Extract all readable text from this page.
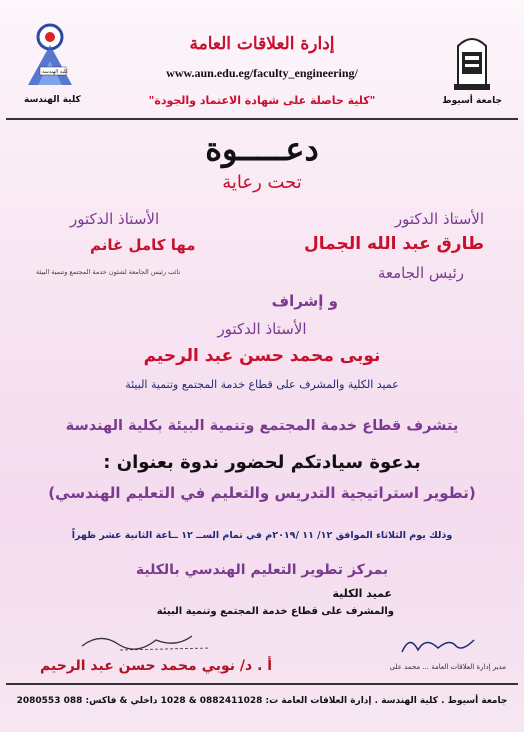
كلية الهندسة
كلية الهندسة	جامعة أسيوط
إدارة العلاقات العامة
www.aun.edu.eg/faculty_engineering/
"كلية حاصلة على شهادة الاعتماد والجودة"
دعـــــوة
تحت رعاية
الأستاذ الدكتور
طارق عبد الله الجمال
رئيس الجامعة
الأستاذ الدكتور
مها كامل غانم
نائب رئيس الجامعة لشئون خدمة المجتمع وتنمية البيئة
و إشراف
الأستاذ الدكتور
نوبى محمد حسن عبد الرحيم
عميد الكلية والمشرف على قطاع خدمة المجتمع وتنمية البيئة
يتشرف قطاع خدمة المجتمع وتنمية البيئة بكلية الهندسة
بدعوة سيادتكم لحضور ندوة بعنوان :
(تطوير استراتيجية التدريس والتعليم في التعليم الهندسي)
وذلك يوم الثلاثاء الموافق ١٢/ ١١ /٢٠١٩م في تمام الســ ١٢ ــاعة الثانية عشر ظهراً
بمركز تطوير التعليم الهندسي بالكلية
عميد الكلية
والمشرف على قطاع خدمة المجتمع وتنمية البيئة
أ . د/ نوبي محمد حسن عبد الرحيم	مدير إدارة العلاقات العامة ... محمد على
جامعة أسيوط . كلية الهندسة . إدارة العلاقات العامة ت: 0882411028 & 1028 داخلي & فاكس: 088 2080553
